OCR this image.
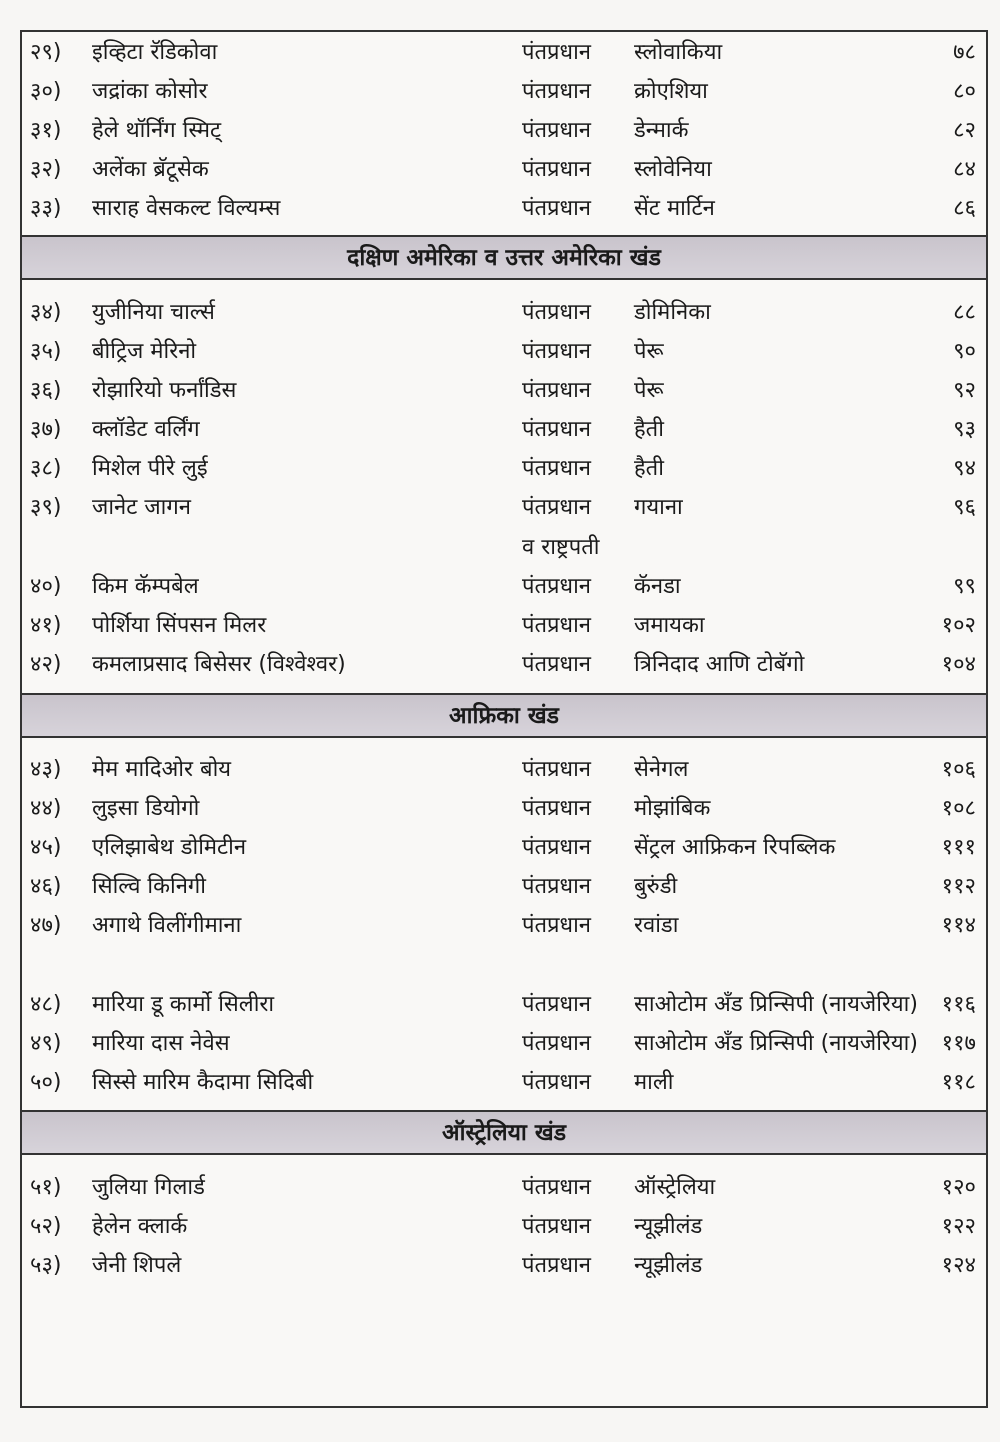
२९)	इव्हिटा रॅडिकोवा	पंतप्रधान स्लोवाकिया	७८
३०)	जद्रांका कोसोर	पंतप्रधान क्रोएशिया	८०
३१)	हेले थॉर्निंग स्मिट्	पंतप्रधान डेन्मार्क	८२
३२)	अलेंका ब्रॅटूसेक	पंतप्रधान स्लोवेनिया	८४
३३)	साराह वेसकल्ट विल्यम्स	पंतप्रधान सेंट मार्टिन	८६
दक्षिण अमेरिका व उत्तर अमेरिका खंड
३४)	युजीनिया चार्ल्स	पंतप्रधान डोमिनिका	८८
३५)	बीट्रिज मेरिनो	पंतप्रधान पेरू	९०
३६)	रोझारियो फर्नांडिस	पंतप्रधान पेरू	९२
३७)	क्लॉडेट वर्लिंग	पंतप्रधान हैती	९३
३८)	मिशेल पीरे लुई	पंतप्रधान हैती	९४
३९)	जानेट जागन	पंतप्रधान गयाना	९६
व राष्ट्रपती
४०)	किम कॅम्पबेल	पंतप्रधान कॅनडा	९९
४१)	पोर्शिया सिंपसन मिलर	पंतप्रधान जमायका	१०२
४२)	कमलाप्रसाद बिसेसर (विश्वेश्वर)	पंतप्रधान त्रिनिदाद आणि टोबॅगो	१०४
आफ्रिका खंड
४३)	मेम मादिओर बोय	पंतप्रधान सेनेगल	१०६
४४)	लुइसा डियोगो	पंतप्रधान मोझांबिक	१०८
४५)	एलिझाबेथ डोमिटीन	पंतप्रधान सेंट्रल आफ्रिकन रिपब्लिक	१११
४६)	सिल्वि किनिगी	पंतप्रधान बुरुंडी	११२
४७)	अगाथे विलींगीमाना	पंतप्रधान रवांडा	११४
४८)	मारिया डू कार्मो सिलीरा	पंतप्रधान साओटोम अँड प्रिन्सिपी (नायजेरिया) ११६
४९)	मारिया दास नेवेस	पंतप्रधान साओटोम अँड प्रिन्सिपी (नायजेरिया) ११७
५०)	सिस्से मारिम कैदामा सिदिबी	पंतप्रधान माली	११८
ऑस्ट्रेलिया खंड
५१)	जुलिया गिलार्ड	पंतप्रधान ऑस्ट्रेलिया	१२०
५२)	हेलेन क्लार्क	पंतप्रधान न्यूझीलंड	१२२
५३)	जेनी शिपले	पंतप्रधान न्यूझीलंड	१२४
